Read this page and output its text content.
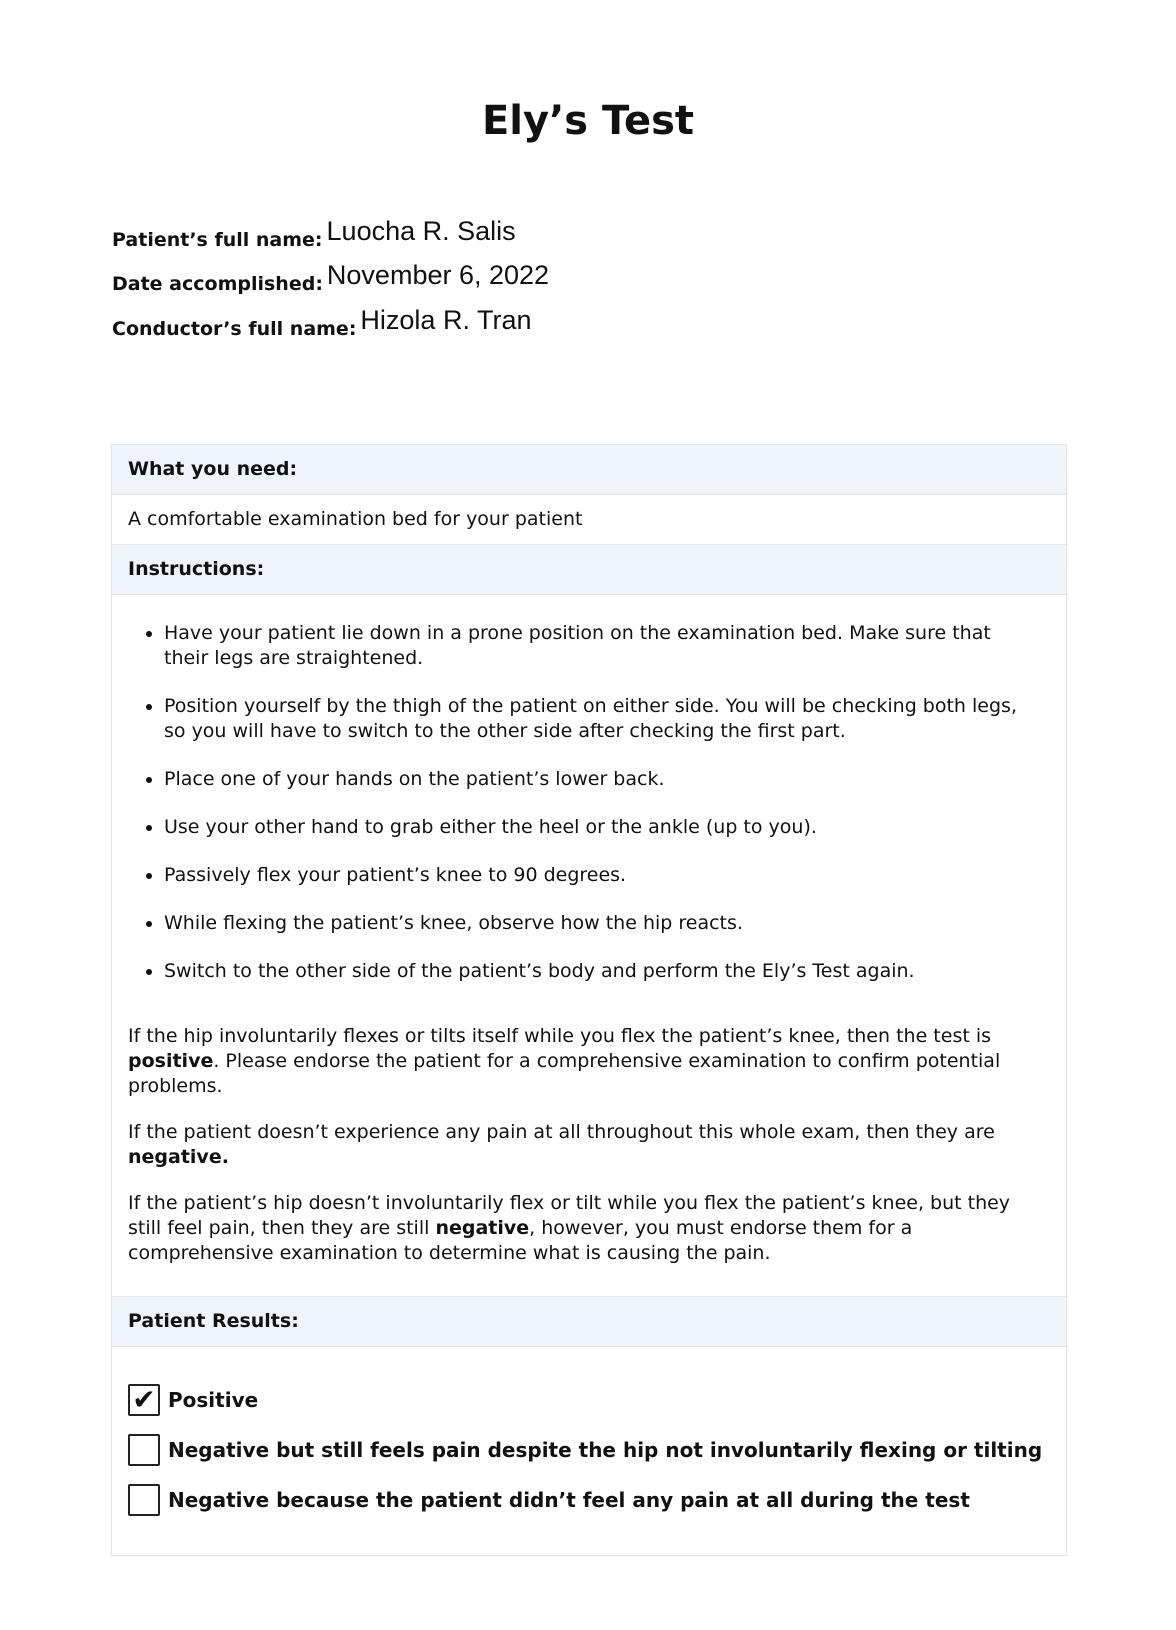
Ely’s Test
Patient’s full name: Luocha R. Salis
Date accomplished: November 6, 2022
Conductor’s full name: Hizola R. Tran
What you need:
A comfortable examination bed for your patient
Instructions:
• Have your patient lie down in a prone position on the examination bed. Make sure that their legs are straightened.
• Position yourself by the thigh of the patient on either side. You will be checking both legs, so you will have to switch to the other side after checking the first part.
• Place one of your hands on the patient’s lower back.
• Use your other hand to grab either the heel or the ankle (up to you).
• Passively flex your patient’s knee to 90 degrees.
• While flexing the patient’s knee, observe how the hip reacts.
• Switch to the other side of the patient’s body and perform the Ely’s Test again.

If the hip involuntarily flexes or tilts itself while you flex the patient’s knee, then the test is positive. Please endorse the patient for a comprehensive examination to confirm potential problems.

If the patient doesn’t experience any pain at all throughout this whole exam, then they are negative.

If the patient’s hip doesn’t involuntarily flex or tilt while you flex the patient’s knee, but they still feel pain, then they are still negative, however, you must endorse them for a comprehensive examination to determine what is causing the pain.

Patient Results:
✔ Positive
Negative but still feels pain despite the hip not involuntarily flexing or tilting
Negative because the patient didn’t feel any pain at all during the test
